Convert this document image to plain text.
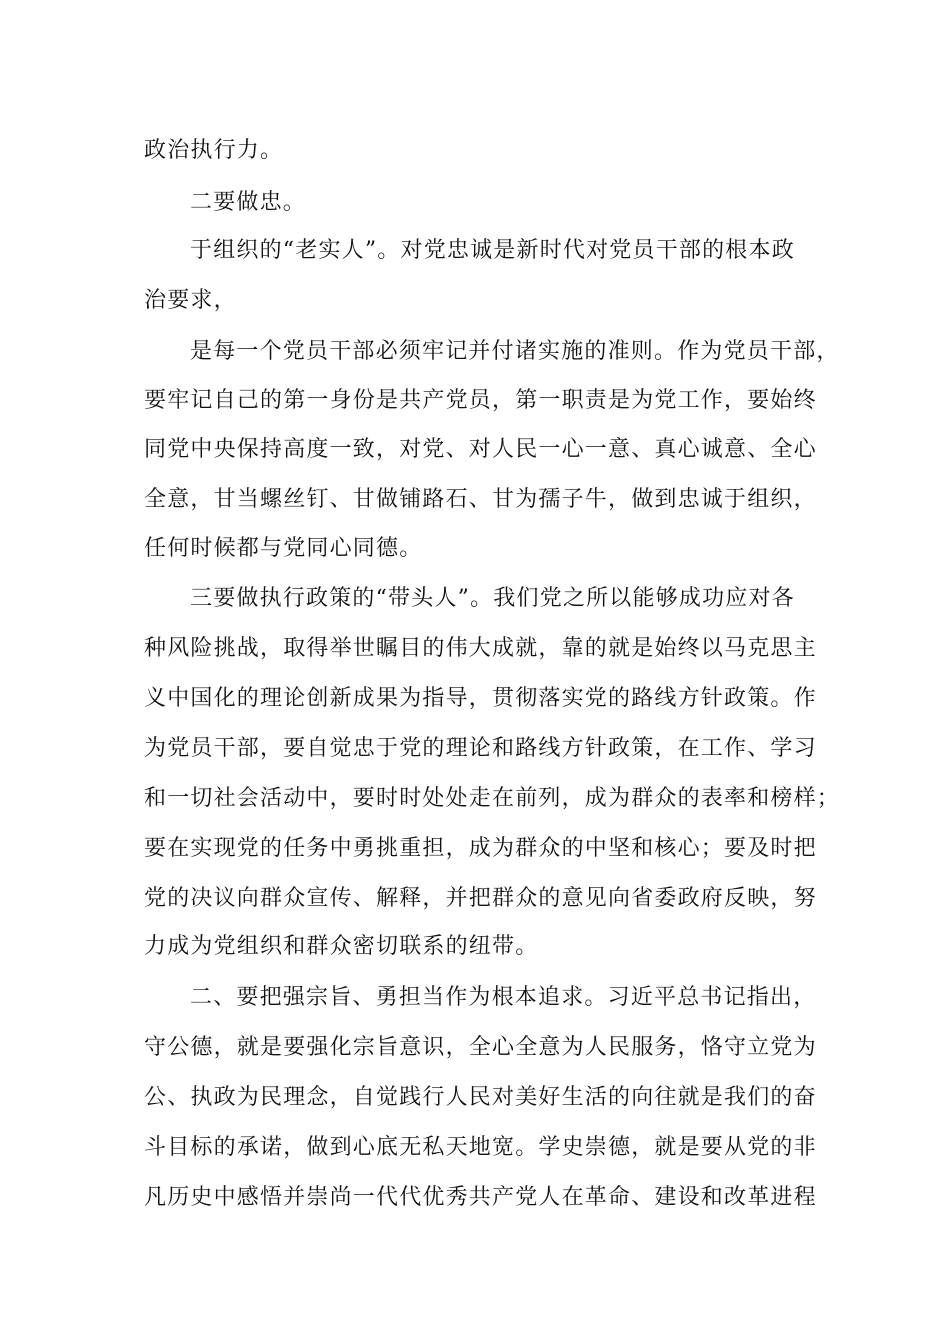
政治执行力。
二要做忠。
于组织的“老实人”。对党忠诚是新时代对党员干部的根本政
治要求，
是每一个党员干部必须牢记并付诸实施的准则。作为党员干部，
要牢记自己的第一身份是共产党员，第一职责是为党工作，要始终
同党中央保持高度一致，对党、对人民一心一意、真心诚意、全心
全意，甘当螺丝钉、甘做铺路石、甘为孺子牛，做到忠诚于组织，
任何时候都与党同心同德。
三要做执行政策的“带头人”。我们党之所以能够成功应对各
种风险挑战，取得举世瞩目的伟大成就，靠的就是始终以马克思主
义中国化的理论创新成果为指导，贯彻落实党的路线方针政策。作
为党员干部，要自觉忠于党的理论和路线方针政策，在工作、学习
和一切社会活动中，要时时处处走在前列，成为群众的表率和榜样；
要在实现党的任务中勇挑重担，成为群众的中坚和核心；要及时把
党的决议向群众宣传、解释，并把群众的意见向省委政府反映，努
力成为党组织和群众密切联系的纽带。
二、要把强宗旨、勇担当作为根本追求。习近平总书记指出，
守公德，就是要强化宗旨意识，全心全意为人民服务，恪守立党为
公、执政为民理念，自觉践行人民对美好生活的向往就是我们的奋
斗目标的承诺，做到心底无私天地宽。学史崇德，就是要从党的非
凡历史中感悟并崇尚一代代优秀共产党人在革命、建设和改革进程
